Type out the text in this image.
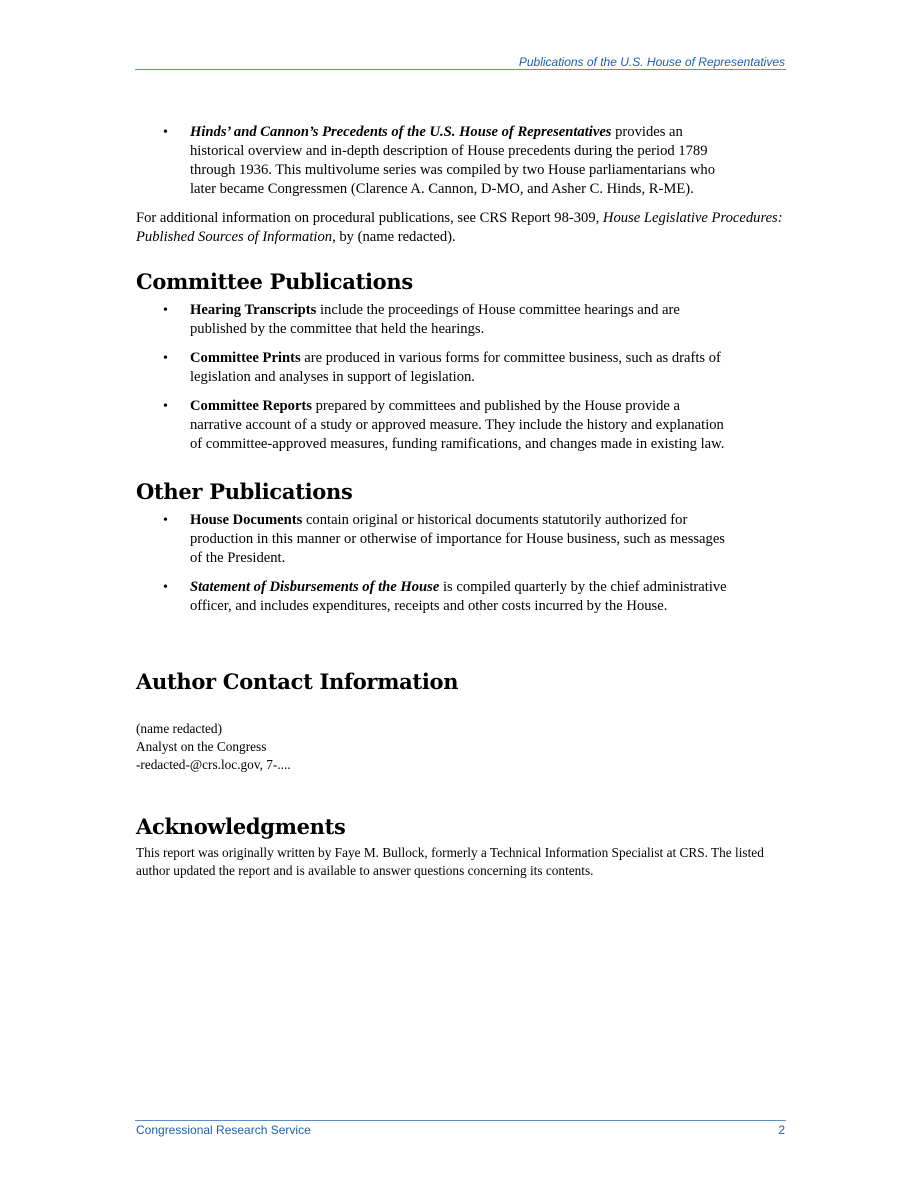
Publications of the U.S. House of Representatives
• Hinds’ and Cannon’s Precedents of the U.S. House of Representatives provides an historical overview and in-depth description of House precedents during the period 1789 through 1936. This multivolume series was compiled by two House parliamentarians who later became Congressmen (Clarence A. Cannon, D-MO, and Asher C. Hinds, R-ME).
For additional information on procedural publications, see CRS Report 98-309, House Legislative Procedures: Published Sources of Information, by (name redacted).
Committee Publications
• Hearing Transcripts include the proceedings of House committee hearings and are published by the committee that held the hearings.
• Committee Prints are produced in various forms for committee business, such as drafts of legislation and analyses in support of legislation.
• Committee Reports prepared by committees and published by the House provide a narrative account of a study or approved measure. They include the history and explanation of committee-approved measures, funding ramifications, and changes made in existing law.
Other Publications
• House Documents contain original or historical documents statutorily authorized for production in this manner or otherwise of importance for House business, such as messages of the President.
• Statement of Disbursements of the House is compiled quarterly by the chief administrative officer, and includes expenditures, receipts and other costs incurred by the House.
Author Contact Information
(name redacted)
Analyst on the Congress
-redacted-@crs.loc.gov, 7-....
Acknowledgments
This report was originally written by Faye M. Bullock, formerly a Technical Information Specialist at CRS. The listed author updated the report and is available to answer questions concerning its contents.
Congressional Research Service	2
